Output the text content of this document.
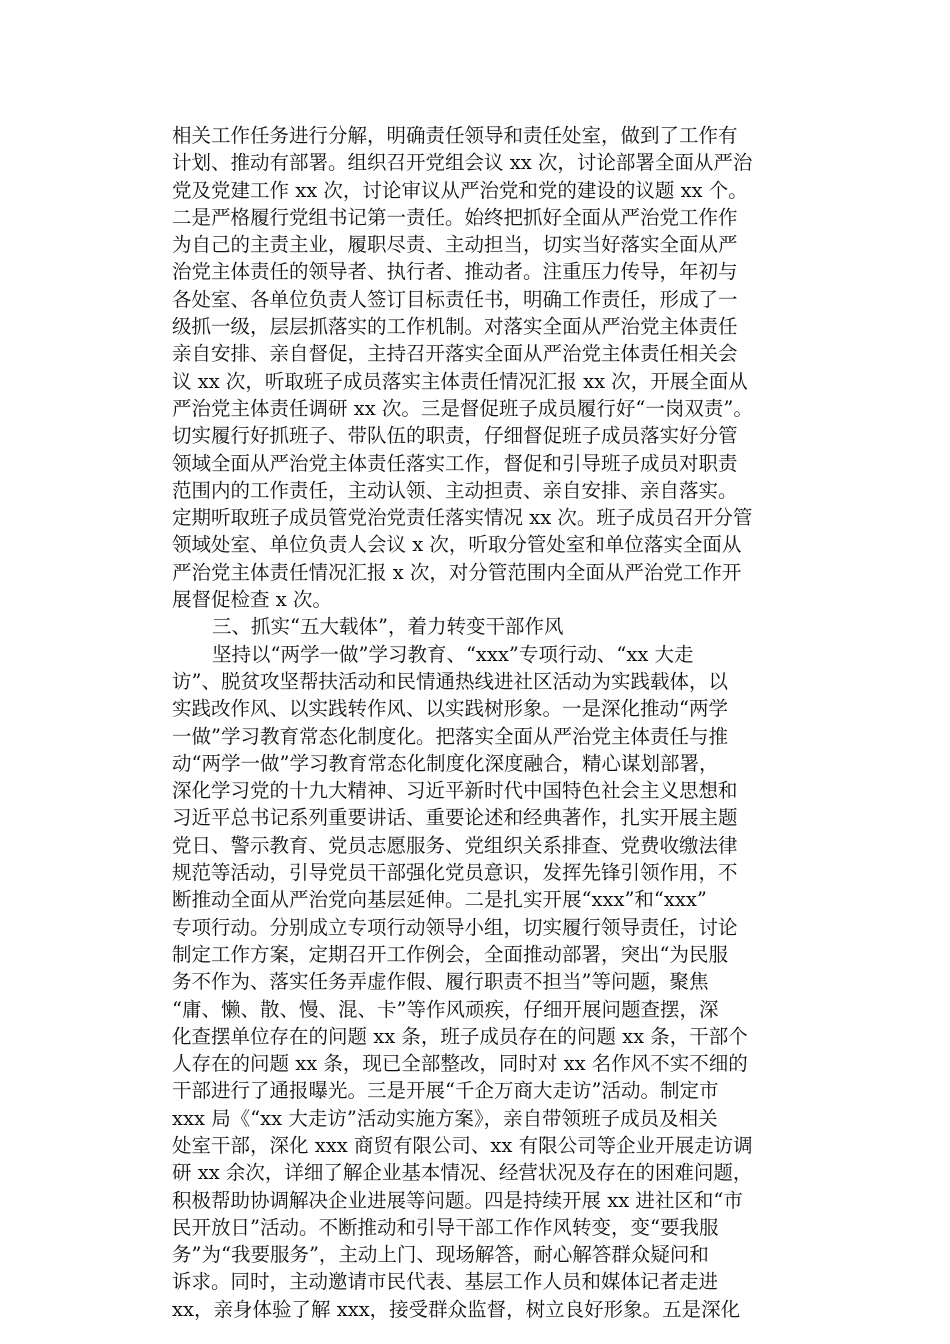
相关工作任务进行分解，明确责任领导和责任处室，做到了工作有
计划、推动有部署。组织召开党组会议 xx 次，讨论部署全面从严治
党及党建工作 xx 次，讨论审议从严治党和党的建设的议题 xx 个。
二是严格履行党组书记第一责任。始终把抓好全面从严治党工作作
为自己的主责主业，履职尽责、主动担当，切实当好落实全面从严
治党主体责任的领导者、执行者、推动者。注重压力传导，年初与
各处室、各单位负责人签订目标责任书，明确工作责任，形成了一
级抓一级，层层抓落实的工作机制。对落实全面从严治党主体责任
亲自安排、亲自督促，主持召开落实全面从严治党主体责任相关会
议 xx 次，听取班子成员落实主体责任情况汇报 xx 次，开展全面从
严治党主体责任调研 xx 次。三是督促班子成员履行好“一岗双责”。
切实履行好抓班子、带队伍的职责，仔细督促班子成员落实好分管
领域全面从严治党主体责任落实工作，督促和引导班子成员对职责
范围内的工作责任，主动认领、主动担责、亲自安排、亲自落实。
定期听取班子成员管党治党责任落实情况 xx 次。班子成员召开分管
领域处室、单位负责人会议 x 次，听取分管处室和单位落实全面从
严治党主体责任情况汇报 x 次，对分管范围内全面从严治党工作开
展督促检查 x 次。
三、抓实“五大载体”，着力转变干部作风
坚持以“两学一做”学习教育、“xxx”专项行动、“xx 大走
访”、脱贫攻坚帮扶活动和民情通热线进社区活动为实践载体，以
实践改作风、以实践转作风、以实践树形象。一是深化推动“两学
一做”学习教育常态化制度化。把落实全面从严治党主体责任与推
动“两学一做”学习教育常态化制度化深度融合，精心谋划部署，
深化学习党的十九大精神、习近平新时代中国特色社会主义思想和
习近平总书记系列重要讲话、重要论述和经典著作，扎实开展主题
党日、警示教育、党员志愿服务、党组织关系排查、党费收缴法律
规范等活动，引导党员干部强化党员意识，发挥先锋引领作用，不
断推动全面从严治党向基层延伸。二是扎实开展“xxx”和“xxx”
专项行动。分别成立专项行动领导小组，切实履行领导责任，讨论
制定工作方案，定期召开工作例会，全面推动部署，突出“为民服
务不作为、落实任务弄虚作假、履行职责不担当”等问题，聚焦
“庸、懒、散、慢、混、卡”等作风顽疾，仔细开展问题查摆，深
化查摆单位存在的问题 xx 条，班子成员存在的问题 xx 条，干部个
人存在的问题 xx 条，现已全部整改，同时对 xx 名作风不实不细的
干部进行了通报曝光。三是开展“千企万商大走访”活动。制定市
xxx 局《“xx 大走访”活动实施方案》，亲自带领班子成员及相关
处室干部，深化 xxx 商贸有限公司、xx 有限公司等企业开展走访调
研 xx 余次，详细了解企业基本情况、经营状况及存在的困难问题，
积极帮助协调解决企业进展等问题。四是持续开展 xx 进社区和“市
民开放日”活动。不断推动和引导干部工作作风转变，变“要我服
务”为“我要服务”，主动上门、现场解答，耐心解答群众疑问和
诉求。同时，主动邀请市民代表、基层工作人员和媒体记者走进
xx，亲身体验了解 xxx，接受群众监督，树立良好形象。五是深化
